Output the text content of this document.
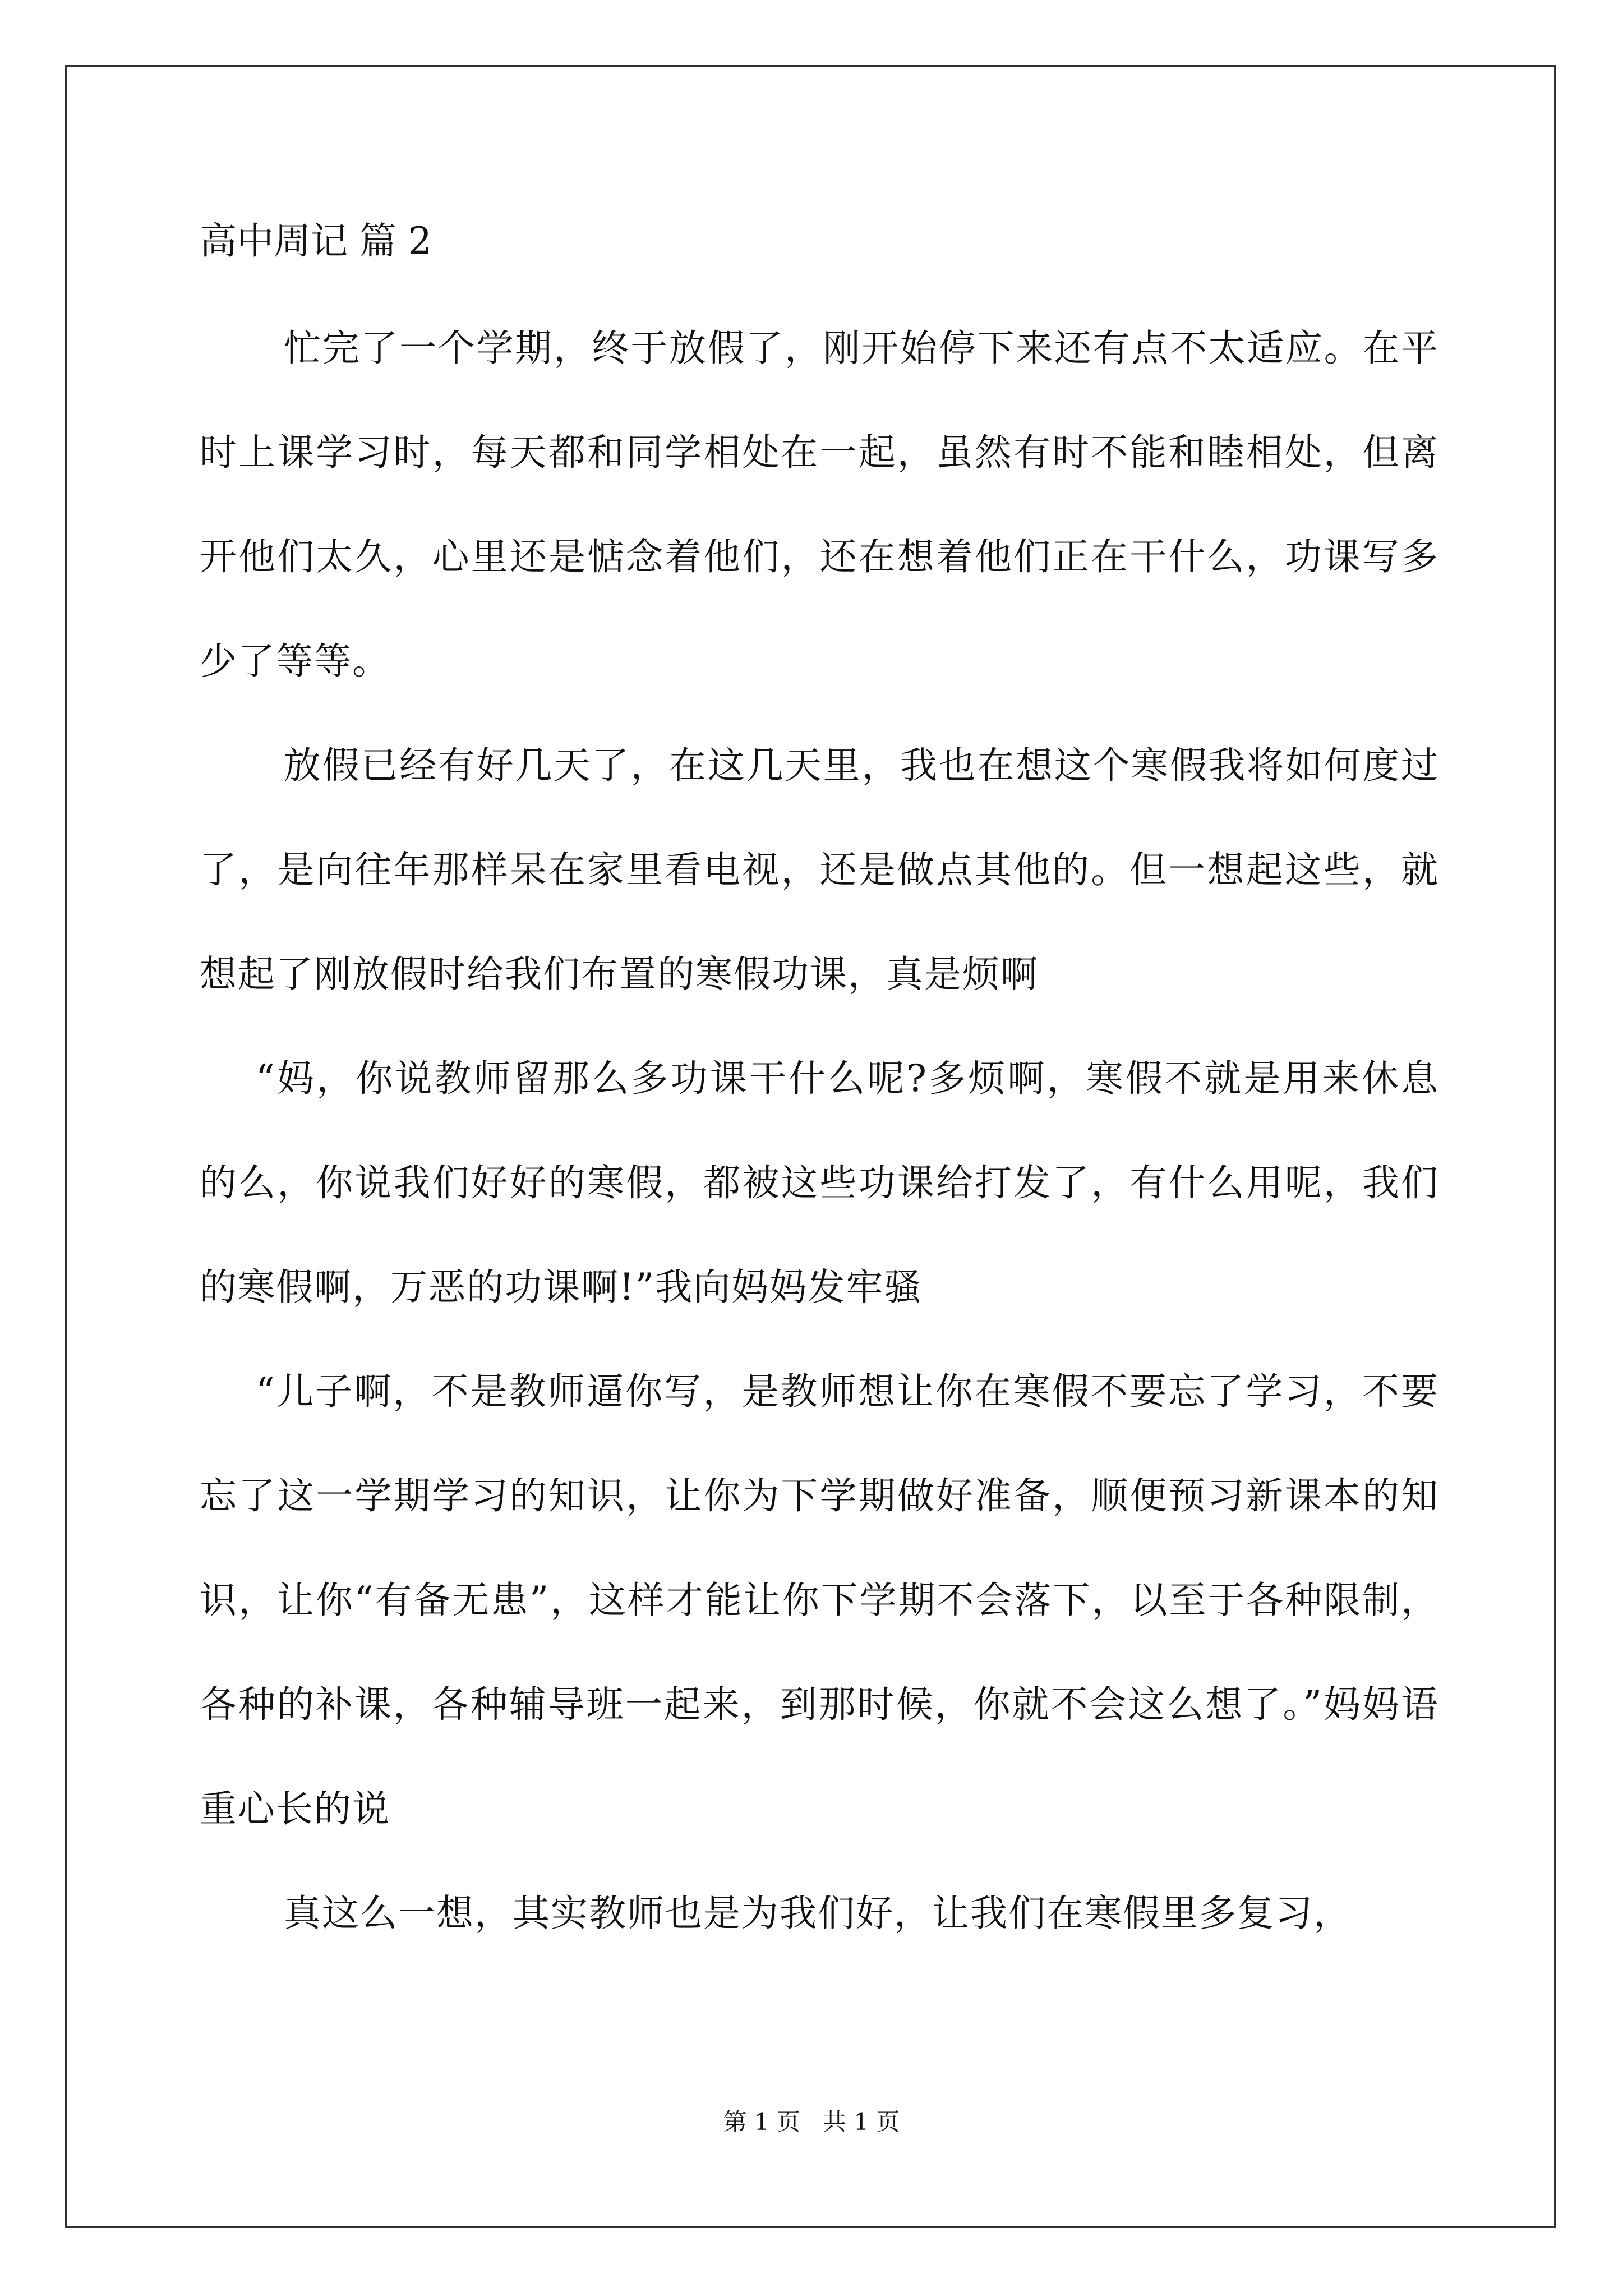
高中周记 篇 2

忙完了一个学期，终于放假了，刚开始停下来还有点不太适应。在平时上课学习时，每天都和同学相处在一起，虽然有时不能和睦相处，但离开他们太久，心里还是惦念着他们，还在想着他们正在干什么，功课写多少了等等。

放假已经有好几天了，在这几天里，我也在想这个寒假我将如何度过了，是向往年那样呆在家里看电视，还是做点其他的。但一想起这些，就想起了刚放假时给我们布置的寒假功课，真是烦啊

“妈，你说教师留那么多功课干什么呢?多烦啊，寒假不就是用来休息的么，你说我们好好的寒假，都被这些功课给打发了，有什么用呢，我们的寒假啊，万恶的功课啊!”我向妈妈发牢骚

“儿子啊，不是教师逼你写，是教师想让你在寒假不要忘了学习，不要忘了这一学期学习的知识，让你为下学期做好准备，顺便预习新课本的知识，让你“有备无患”，这样才能让你下学期不会落下，以至于各种限制，各种的补课，各种辅导班一起来，到那时候，你就不会这么想了。”妈妈语重心长的说

真这么一想，其实教师也是为我们好，让我们在寒假里多复习，

第 1 页 共 1 页
